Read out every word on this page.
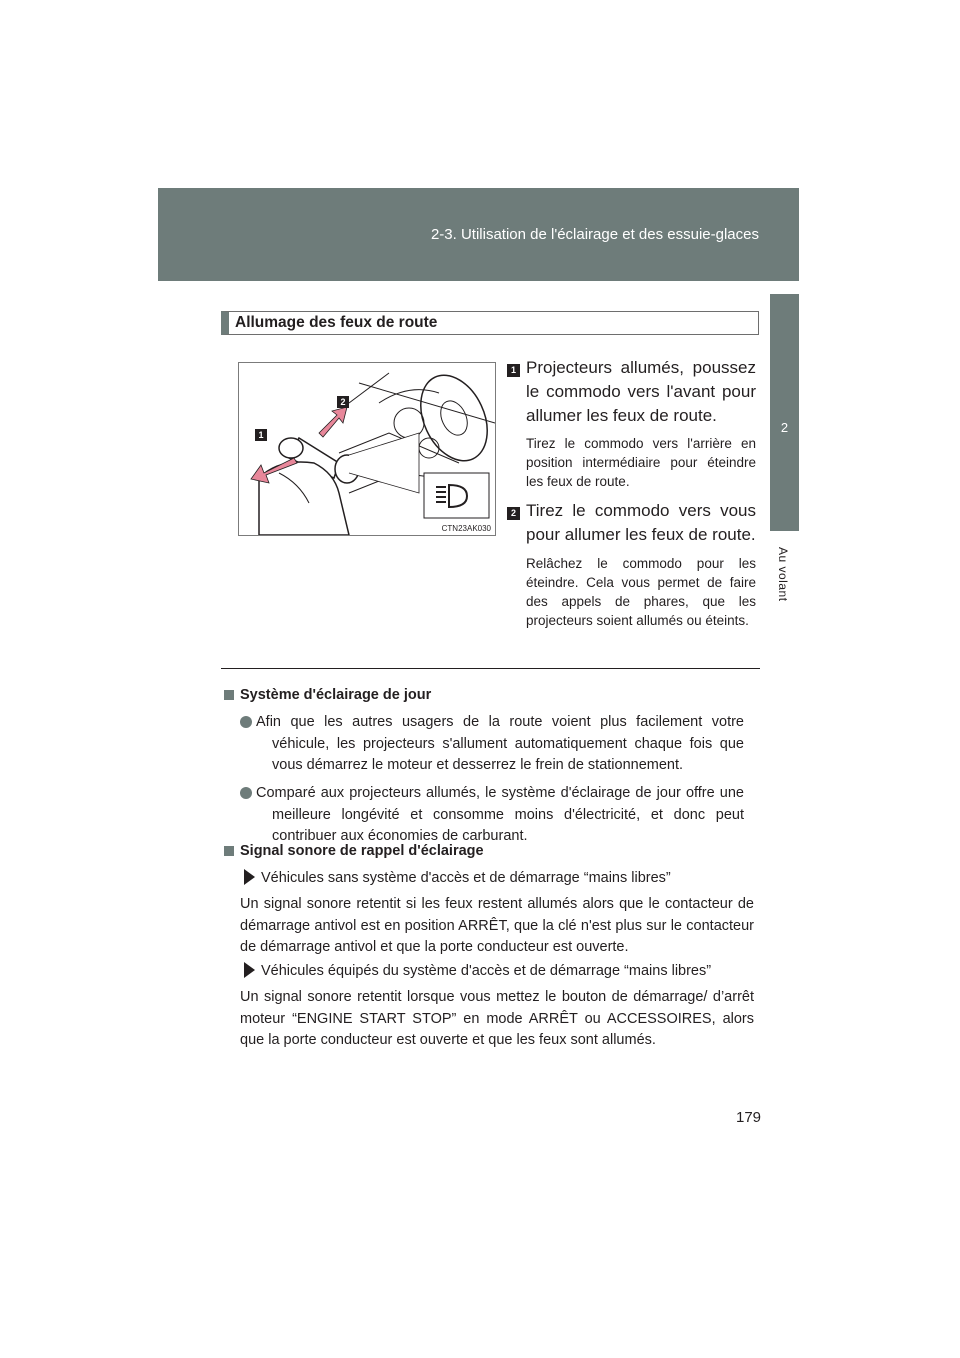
2-3. Utilisation de l'éclairage et des essuie-glaces
2
Au volant
Allumage des feux de route
1
2
CTN23AK030
1 Projecteurs allumés, poussez le commodo vers l'avant pour allumer les feux de route.
Tirez le commodo vers l'arrière en position intermédiaire pour éteindre les feux de route.
2 Tirez le commodo vers vous pour allumer les feux de route.
Relâchez le commodo pour les éteindre. Cela vous permet de faire des appels de phares, que les projecteurs soient allumés ou éteints.
Système d'éclairage de jour
Afin que les autres usagers de la route voient plus facilement votre véhicule, les projecteurs s'allument automatiquement chaque fois que vous démarrez le moteur et desserrez le frein de stationnement.
Comparé aux projecteurs allumés, le système d'éclairage de jour offre une meilleure longévité et consomme moins d'électricité, et donc peut contribuer aux économies de carburant.
Signal sonore de rappel d'éclairage
Véhicules sans système d'accès et de démarrage “mains libres”
Un signal sonore retentit si les feux restent allumés alors que le contacteur de démarrage antivol est en position ARRÊT, que la clé n'est plus sur le contacteur de démarrage antivol et que la porte conducteur est ouverte.
Véhicules équipés du système d'accès et de démarrage “mains libres”
Un signal sonore retentit lorsque vous mettez le bouton de démarrage/ d’arrêt moteur “ENGINE START STOP” en mode ARRÊT ou ACCESSOIRES, alors que la porte conducteur est ouverte et que les feux sont allumés.
179
